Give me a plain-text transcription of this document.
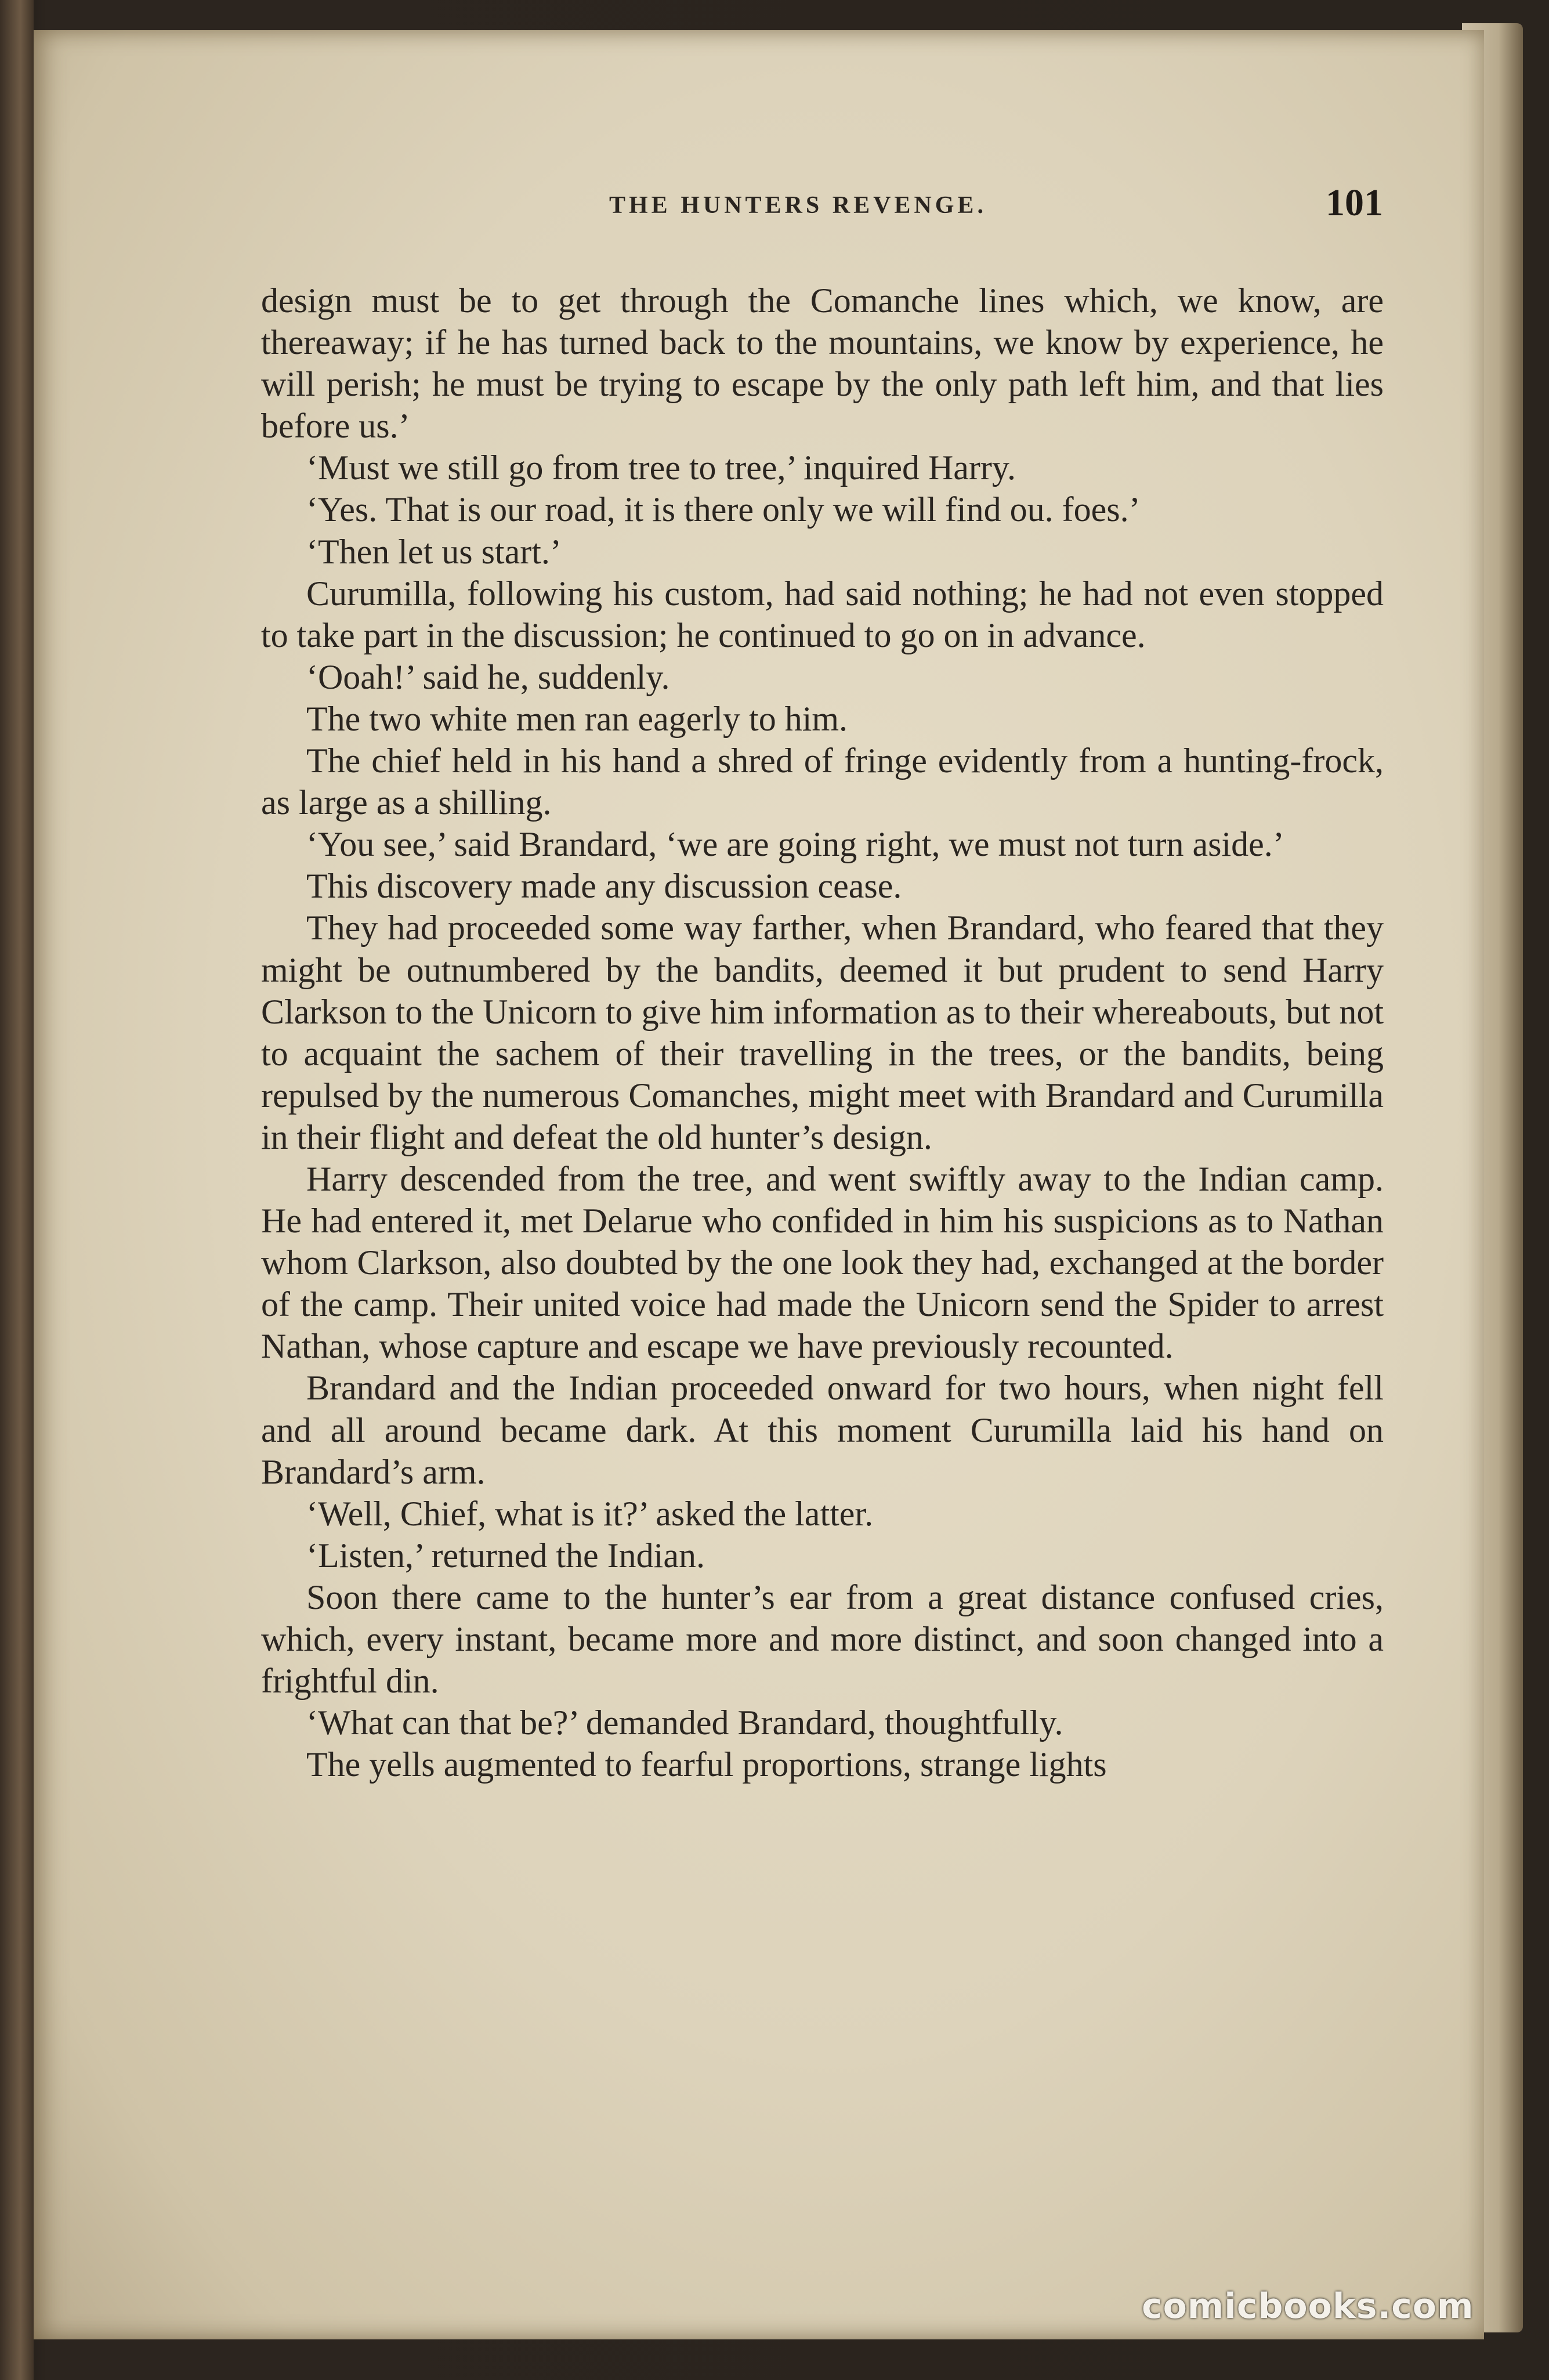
THE HUNTERS REVENGE.	101

design must be to get through the Comanche lines which, we know, are thereaway; if he has turned back to the mountains, we know by experience, he will perish; he must be trying to escape by the only path left him, and that lies before us.’

‘Must we still go from tree to tree,’ inquired Harry.

‘Yes. That is our road, it is there only we will find ou. foes.’

‘Then let us start.’

Curumilla, following his custom, had said nothing; he had not even stopped to take part in the discussion; he continued to go on in advance.

‘Ooah!’ said he, suddenly.

The two white men ran eagerly to him.

The chief held in his hand a shred of fringe evidently from a hunting-frock, as large as a shilling.

‘You see,’ said Brandard, ‘we are going right, we must not turn aside.’

This discovery made any discussion cease.

They had proceeded some way farther, when Brandard, who feared that they might be outnumbered by the bandits, deemed it but prudent to send Harry Clarkson to the Unicorn to give him information as to their whereabouts, but not to acquaint the sachem of their travelling in the trees, or the bandits, being repulsed by the numerous Comanches, might meet with Brandard and Curumilla in their flight and defeat the old hunter’s design.

Harry descended from the tree, and went swiftly away to the Indian camp. He had entered it, met Delarue who confided in him his suspicions as to Nathan whom Clarkson, also doubted by the one look they had, exchanged at the border of the camp. Their united voice had made the Unicorn send the Spider to arrest Nathan, whose capture and escape we have previously recounted.

Brandard and the Indian proceeded onward for two hours, when night fell and all around became dark. At this moment Curumilla laid his hand on Brandard’s arm.

‘Well, Chief, what is it?’ asked the latter.

‘Listen,’ returned the Indian.

Soon there came to the hunter’s ear from a great distance confused cries, which, every instant, became more and more distinct, and soon changed into a frightful din.

‘What can that be?’ demanded Brandard, thoughtfully.

The yells augmented to fearful proportions, strange lights

comicbooks.com
